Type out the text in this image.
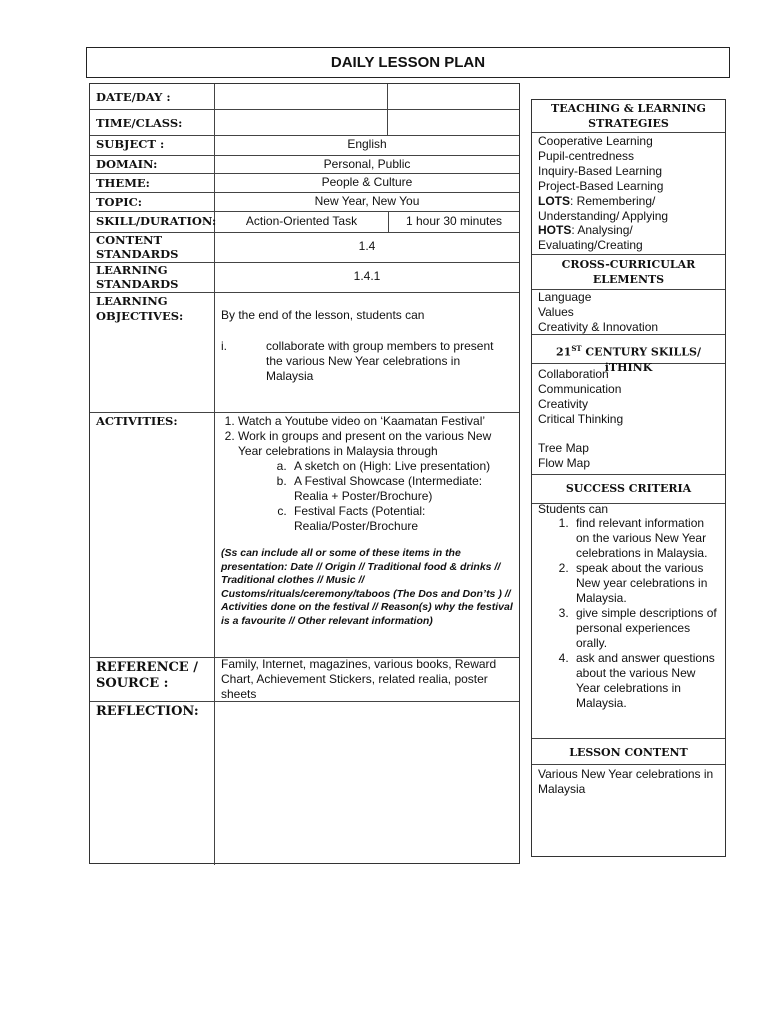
DAILY LESSON PLAN
DATE/DAY :
TIME/CLASS:
SUBJECT :
DOMAIN:
THEME:
TOPIC:
SKILL/DURATION:
CONTENT
STANDARDS
LEARNING
STANDARDS
LEARNING
OBJECTIVES:
ACTIVITIES:
REFERENCE /
SOURCE :
REFLECTION:
English
Personal, Public
People & Culture
New Year, New You
Action-Oriented Task	1 hour 30 minutes
1.4
1.4.1
By the end of the lesson, students can
i.	collaborate with group members to present
the various New Year celebrations in
Malaysia
1. Watch a Youtube video on ‘Kaamatan Festival’
2. Work in groups and present on the various New Year celebrations in Malaysia through
a. A sketch on (High: Live presentation)
b. A Festival Showcase (Intermediate: Realia + Poster/Brochure)
c. Festival Facts (Potential: Realia/Poster/Brochure
(Ss can include all or some of these items in the presentation: Date // Origin // Traditional food & drinks // Traditional clothes // Music // Customs/rituals/ceremony/taboos (The Dos and Don’ts ) // Activities done on the festival // Reason(s) why the festival is a favourite // Other relevant information)
Family, Internet, magazines, various books, Reward Chart, Achievement Stickers, related realia, poster sheets
TEACHING & LEARNING
STRATEGIES
Cooperative Learning
Pupil-centredness
Inquiry-Based Learning
Project-Based Learning
LOTS: Remembering/
Understanding/ Applying
HOTS: Analysing/
Evaluating/Creating
CROSS-CURRICULAR
ELEMENTS
Language
Values
Creativity & Innovation
21ST CENTURY SKILLS/ iTHINK
Collaboration
Communication
Creativity
Critical Thinking
Tree Map
Flow Map
SUCCESS CRITERIA
Students can
1. find relevant information on the various New Year celebrations in Malaysia.
2. speak about the various New year celebrations in Malaysia.
3. give simple descriptions of personal experiences orally.
4. ask and answer questions about the various New Year celebrations in Malaysia.
LESSON CONTENT
Various New Year celebrations in Malaysia
